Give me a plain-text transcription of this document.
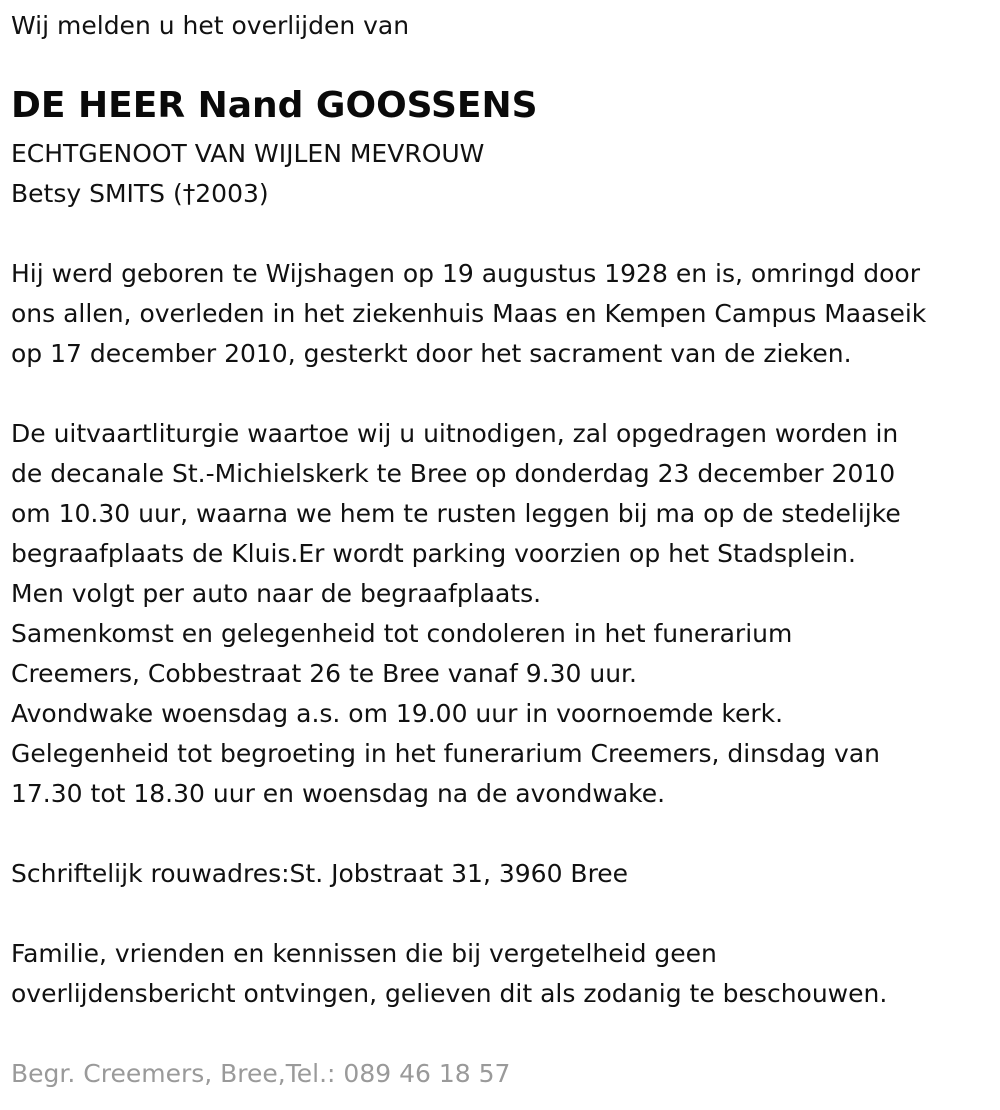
Wij melden u het overlijden van
DE HEER Nand GOOSSENS
ECHTGENOOT VAN WIJLEN MEVROUW
Betsy SMITS (†2003)
Hij werd geboren te Wijshagen op 19 augustus 1928 en is, omringd door
ons allen, overleden in het ziekenhuis Maas en Kempen Campus Maaseik
op 17 december 2010, gesterkt door het sacrament van de zieken.
De uitvaartliturgie waartoe wij u uitnodigen, zal opgedragen worden in
de decanale St.-Michielskerk te Bree op donderdag 23 december 2010
om 10.30 uur, waarna we hem te rusten leggen bij ma op de stedelijke
begraafplaats de Kluis.Er wordt parking voorzien op het Stadsplein.
Men volgt per auto naar de begraafplaats.
Samenkomst en gelegenheid tot condoleren in het funerarium
Creemers, Cobbestraat 26 te Bree vanaf 9.30 uur.
Avondwake woensdag a.s. om 19.00 uur in voornoemde kerk.
Gelegenheid tot begroeting in het funerarium Creemers, dinsdag van
17.30 tot 18.30 uur en woensdag na de avondwake.
Schriftelijk rouwadres:St. Jobstraat 31, 3960 Bree
Familie, vrienden en kennissen die bij vergetelheid geen
overlijdensbericht ontvingen, gelieven dit als zodanig te beschouwen.
Begr. Creemers, Bree,Tel.: 089 46 18 57
